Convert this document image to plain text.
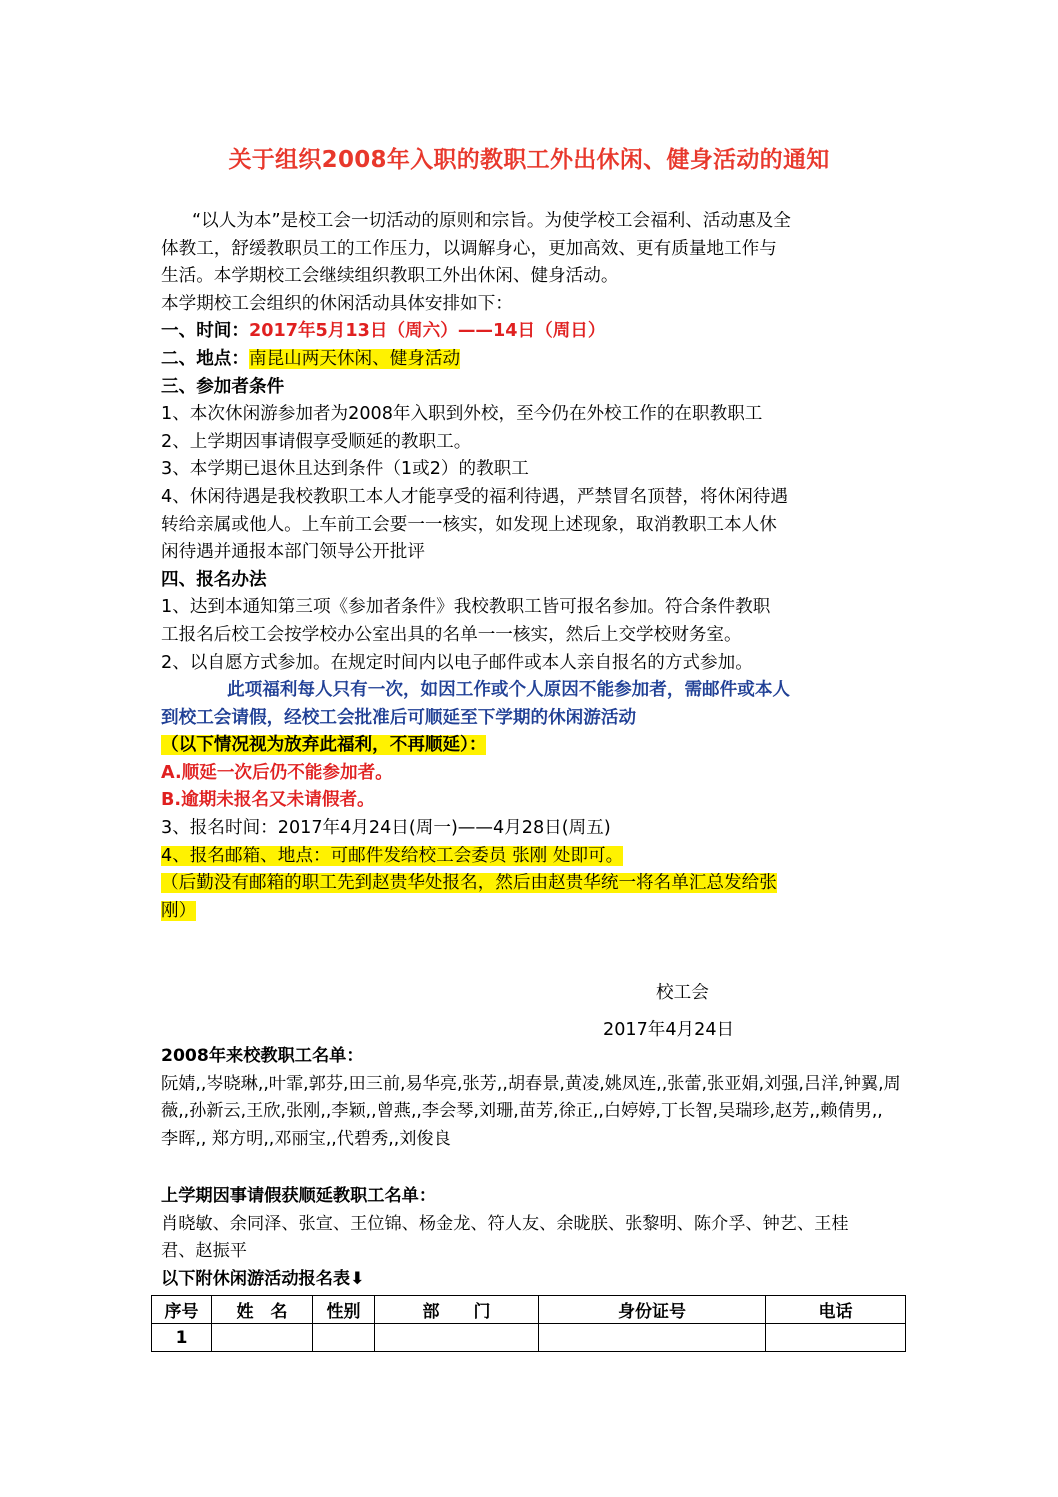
关于组织2008年入职的教职工外出休闲、健身活动的通知
“以人为本”是校工会一切活动的原则和宗旨。为使学校工会福利、活动惠及全
体教工，舒缓教职员工的工作压力，以调解身心，更加高效、更有质量地工作与
生活。本学期校工会继续组织教职工外出休闲、健身活动。
本学期校工会组织的休闲活动具体安排如下：
一、时间：2017年5月13日（周六）——14日（周日）
二、地点：南昆山两天休闲、健身活动
三、参加者条件
1、本次休闲游参加者为2008年入职到外校，至今仍在外校工作的在职教职工
2、上学期因事请假享受顺延的教职工。
3、本学期已退休且达到条件（1或2）的教职工
4、休闲待遇是我校教职工本人才能享受的福利待遇，严禁冒名顶替，将休闲待遇
转给亲属或他人。上车前工会要一一核实，如发现上述现象，取消教职工本人休
闲待遇并通报本部门领导公开批评
四、报名办法
1、达到本通知第三项《参加者条件》我校教职工皆可报名参加。符合条件教职
工报名后校工会按学校办公室出具的名单一一核实，然后上交学校财务室。
2、以自愿方式参加。在规定时间内以电子邮件或本人亲自报名的方式参加。
此项福利每人只有一次，如因工作或个人原因不能参加者，需邮件或本人
到校工会请假，经校工会批准后可顺延至下学期的休闲游活动
（以下情况视为放弃此福利，不再顺延）：
A.顺延一次后仍不能参加者。
B.逾期未报名又未请假者。
3、报名时间：2017年4月24日(周一)——4月28日(周五)
4、报名邮箱、地点：可邮件发给校工会委员 张刚 处即可。
（后勤没有邮箱的职工先到赵贵华处报名，然后由赵贵华统一将名单汇总发给张
刚）
校工会
2017年4月24日
2008年来校教职工名单：
阮婧,,岑晓琳,,叶霏,郭芬,田三前,易华亮,张芳,,胡春景,黄凌,姚凤连,,张蕾,张亚娟,刘强,吕洋,钟翼,周
薇,,孙新云,王欣,张刚,,李颖,,曾燕,,李会琴,刘珊,苗芳,徐正,,白婷婷,丁长智,吴瑞珍,赵芳,,赖倩男,,
李晖,, 郑方明,,邓丽宝,,代碧秀,,刘俊良
上学期因事请假获顺延教职工名单：
肖晓敏、余同泽、张宣、王位锦、杨金龙、符人友、余昽朕、张黎明、陈介孚、钟艺、王桂
君、赵振平
以下附休闲游活动报名表⬇
序号	姓　名	性别	部　　门	身份证号	电话
1					
